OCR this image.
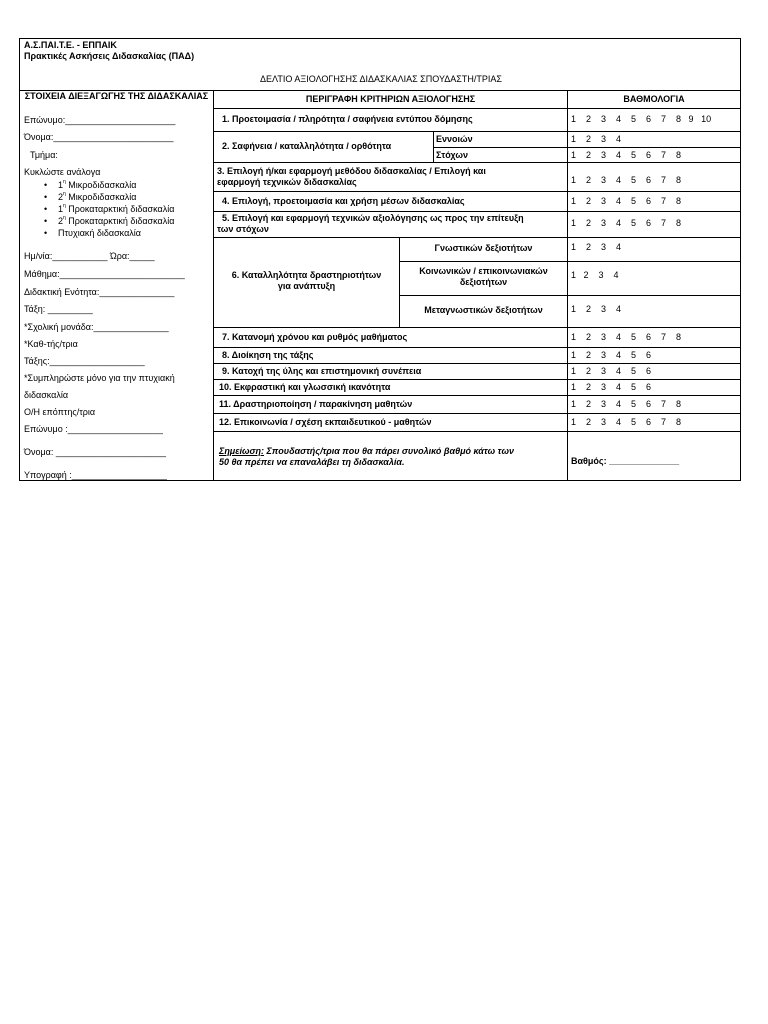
Α.Σ.ΠΑΙ.Τ.Ε. - ΕΠΠΑΙΚ
Πρακτικές Ασκήσεις Διδασκαλίας (ΠΑΔ)
ΔΕΛΤΙΟ ΑΞΙΟΛΟΓΗΣΗΣ ΔΙΔΑΣΚΑΛΙΑΣ ΣΠΟΥΔΑΣΤΗ/ΤΡΙΑΣ
ΣΤΟΙΧΕΙΑ ΔΙΕΞΑΓΩΓΗΣ ΤΗΣ ΔΙΔΑΣΚΑΛΙΑΣ	ΠΕΡΙΓΡΑΦΗ ΚΡΙΤΗΡΙΩΝ ΑΞΙΟΛΟΓΗΣΗΣ	ΒΑΘΜΟΛΟΓΙΑ
Επώνυμο:______________________
Όνομα:________________________
Τμήμα:
Κυκλώστε ανάλογα
• $1^\eta$ Μικροδιδασκαλία
• $2^\eta$ Μικροδιδασκαλία
• $1^\eta$ Προκαταρκτική διδασκαλία
• $2^\eta$ Προκαταρκτική διδασκαλία
• Πτυχιακή διδασκαλία
Ημ/νία:___________ Ώρα:_____
Μάθημα:_________________________
Διδακτική Ενότητα:_______________
Τάξη: _________
*Σχολική μονάδα:_______________
*Καθ-τής/τρια
Τάξης:___________________
*Συμπληρώστε μόνο για την πτυχιακή
διδασκαλία
Ο/Η επόπτης/τρια
Επώνυμο :___________________
Όνομα: ______________________
Υπογραφή :___________________
1. Προετοιμασία / πληρότητα / σαφήνεια εντύπου δόμησης
2. Σαφήνεια / καταλληλότητα / ορθότητα
Εννοιών
Στόχων
3. Επιλογή ή/και εφαρμογή μεθόδου διδασκαλίας / Επιλογή και
εφαρμογή τεχνικών διδασκαλίας
4. Επιλογή, προετοιμασία και χρήση μέσων διδασκαλίας
5. Επιλογή και εφαρμογή τεχνικών αξιολόγησης ως προς την επίτευξη
των στόχων
6. Καταλληλότητα δραστηριοτήτων
για ανάπτυξη
Γνωστικών δεξιοτήτων
Κοινωνικών / επικοινωνιακών
δεξιοτήτων
Μεταγνωστικών δεξιοτήτων
7. Κατανομή χρόνου και ρυθμός μαθήματος
8. Διοίκηση της τάξης
9. Κατοχή της ύλης και επιστημονική συνέπεια
10. Εκφραστική και γλωσσική ικανότητα
11. Δραστηριοποίηση / παρακίνηση μαθητών
12. Επικοινωνία / σχέση εκπαιδευτικού - μαθητών
Σημείωση: Σπουδαστής/τρια που θα πάρει συνολικό βαθμό κάτω των
50 θα πρέπει να επαναλάβει τη διδασκαλία.
1    2    3    4    5    6    7    8   9   10
1    2    3    4
1    2    3    4    5    6    7    8
1    2    3    4    5    6    7    8
1    2    3    4    5    6    7    8
1    2    3    4    5    6    7    8
1    2    3    4
1   2    3    4
1    2    3    4
1    2    3    4    5    6    7    8
1    2    3    4    5    6
1    2    3    4    5    6
1    2    3    4    5    6
1    2    3    4    5    6    7    8
1    2    3    4    5    6    7    8
Βαθμός: ______________
